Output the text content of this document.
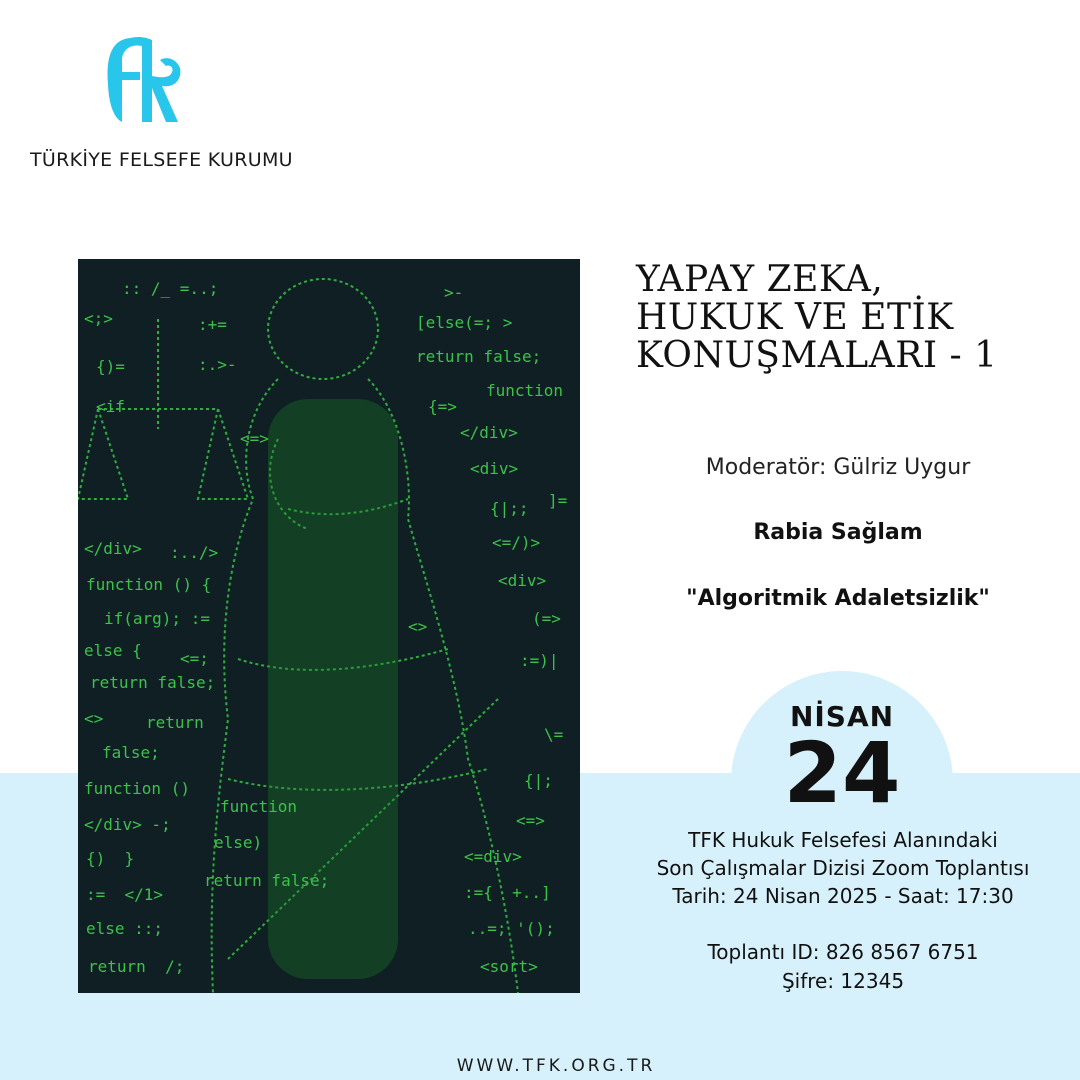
TÜRKİYE FELSEFE KURUMU
:: /_ =..;
<;>
{)=
<if
</div> :../>
function () {
if(arg); :=
else { <=;
return false;
<>	return
false;
function ()
</div> -;
{)  }
:=  </1>
else ::;
return  /;
>-
[else(=; >
return false;
function
{=>
</div>
<div>
{|;; ]=
<=/)>
<div>
(=>
<>
:=)|
\=
{|;
<=>
<=div>
:={  +..]
..=; '();
<sort>
function
else)
return false;
<=>
:+=
:.>-
YAPAY ZEKA,
HUKUK VE ETİK
KONUŞMALARI - 1
Moderatör: Gülriz Uygur
Rabia Sağlam
"Algoritmik Adaletsizlik"
NİSAN
24
TFK Hukuk Felsefesi Alanındaki
Son Çalışmalar Dizisi Zoom Toplantısı
Tarih: 24 Nisan 2025 - Saat: 17:30
Toplantı ID: 826 8567 6751
Şifre: 12345
WWW.TFK.ORG.TR
